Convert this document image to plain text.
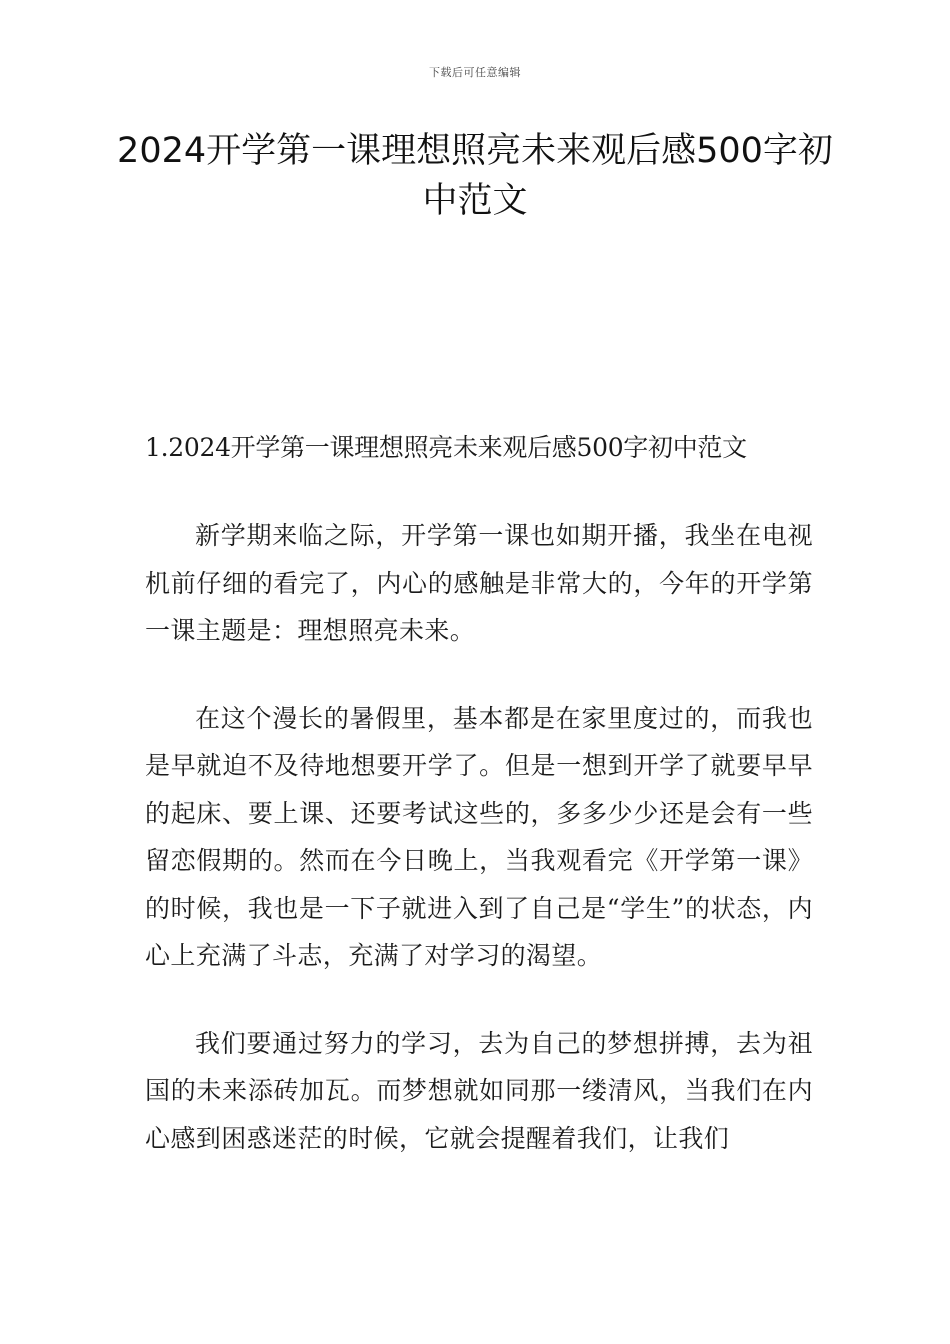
下载后可任意编辑
2024开学第一课理想照亮未来观后感500字初中范文

1.2024开学第一课理想照亮未来观后感500字初中范文

新学期来临之际，开学第一课也如期开播，我坐在电视机前仔细的看完了，内心的感触是非常大的，今年的开学第一课主题是：理想照亮未来。

在这个漫长的暑假里，基本都是在家里度过的，而我也是早就迫不及待地想要开学了。但是一想到开学了就要早早的起床、要上课、还要考试这些的，多多少少还是会有一些留恋假期的。然而在今日晚上，当我观看完《开学第一课》的时候，我也是一下子就进入到了自己是“学生”的状态，内心上充满了斗志，充满了对学习的渴望。

我们要通过努力的学习，去为自己的梦想拼搏，去为祖国的未来添砖加瓦。而梦想就如同那一缕清风，当我们在内心感到困惑迷茫的时候，它就会提醒着我们，让我们
